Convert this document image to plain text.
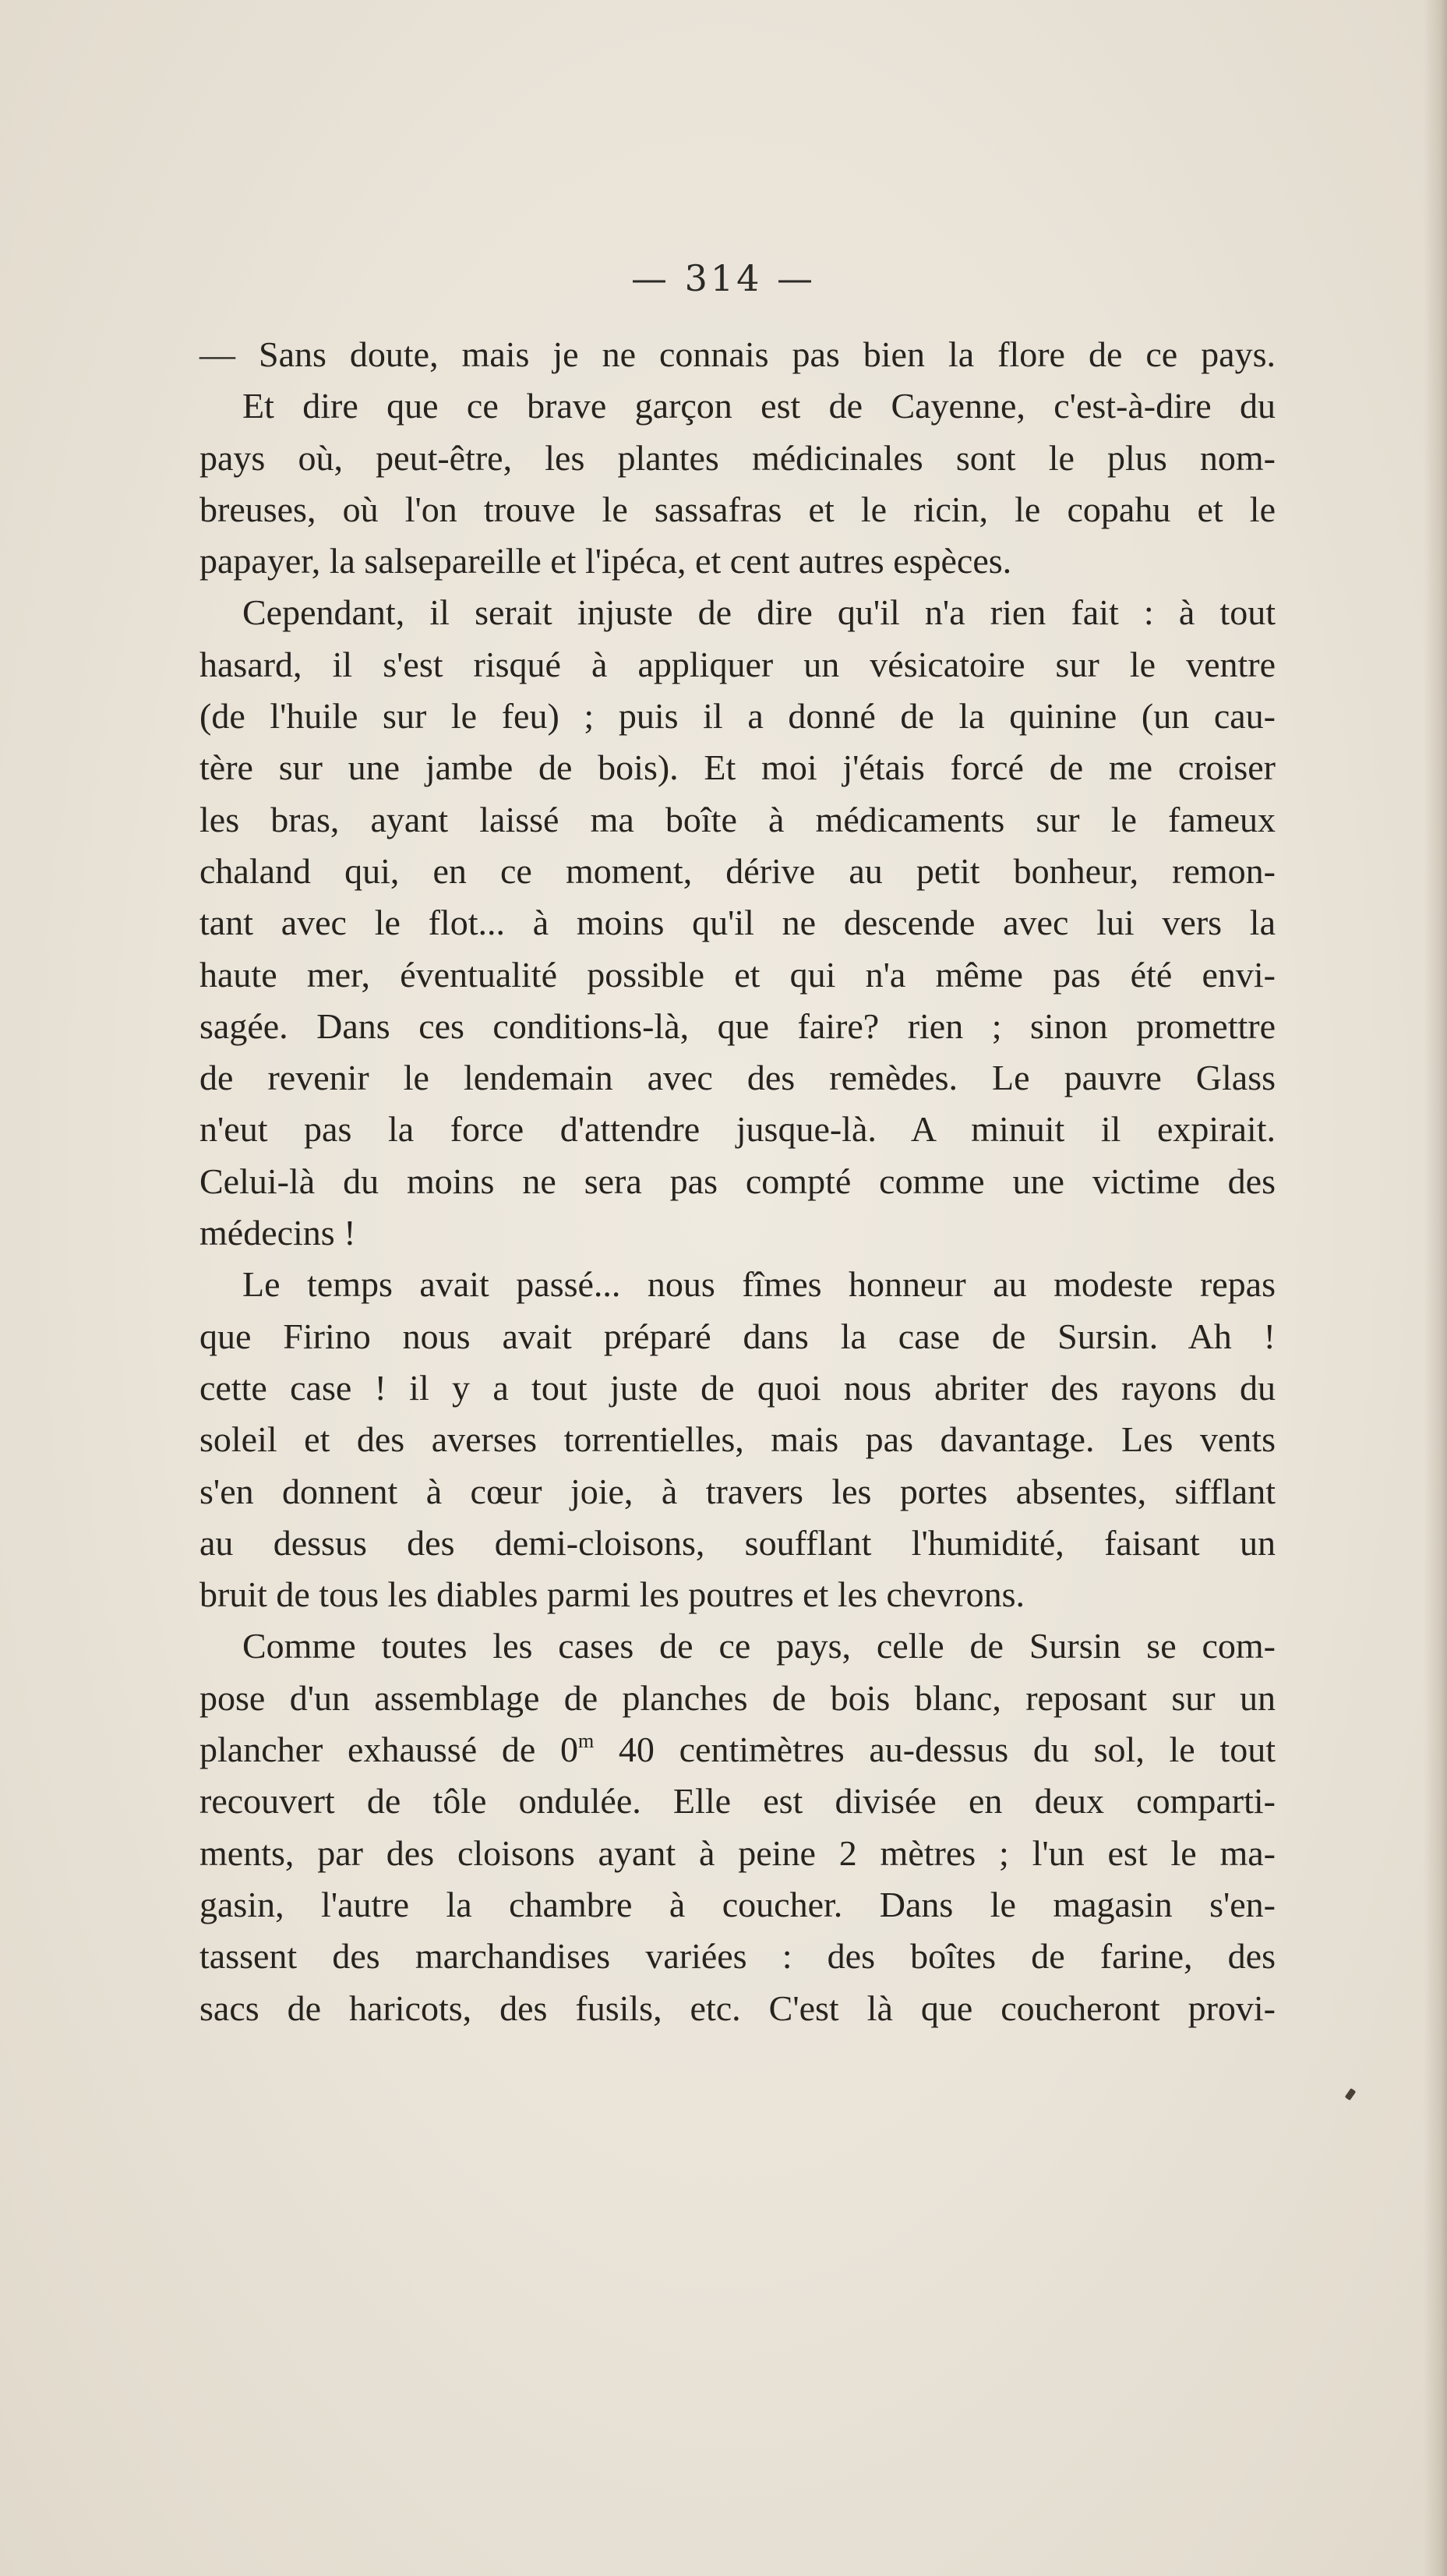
— 314 —
— Sans doute, mais je ne connais pas bien la flore de ce pays.
Et dire que ce brave garçon est de Cayenne, c'est-à-dire du
pays où, peut-être, les plantes médicinales sont le plus nom-
breuses, où l'on trouve le sassafras et le ricin, le copahu et le
papayer, la salsepareille et l'ipéca, et cent autres espèces.
Cependant, il serait injuste de dire qu'il n'a rien fait : à tout
hasard, il s'est risqué à appliquer un vésicatoire sur le ventre
(de l'huile sur le feu) ; puis il a donné de la quinine (un cau-
tère sur une jambe de bois). Et moi j'étais forcé de me croiser
les bras, ayant laissé ma boîte à médicaments sur le fameux
chaland qui, en ce moment, dérive au petit bonheur, remon-
tant avec le flot... à moins qu'il ne descende avec lui vers la
haute mer, éventualité possible et qui n'a même pas été envi-
sagée. Dans ces conditions-là, que faire? rien ; sinon promettre
de revenir le lendemain avec des remèdes. Le pauvre Glass
n'eut pas la force d'attendre jusque-là. A minuit il expirait.
Celui-là du moins ne sera pas compté comme une victime des
médecins !
Le temps avait passé... nous fîmes honneur au modeste repas
que Firino nous avait préparé dans la case de Sursin. Ah !
cette case ! il y a tout juste de quoi nous abriter des rayons du
soleil et des averses torrentielles, mais pas davantage. Les vents
s'en donnent à cœur joie, à travers les portes absentes, sifflant
au dessus des demi-cloisons, soufflant l'humidité, faisant un
bruit de tous les diables parmi les poutres et les chevrons.
Comme toutes les cases de ce pays, celle de Sursin se com-
pose d'un assemblage de planches de bois blanc, reposant sur un
plancher exhaussé de 0$^m$ 40 centimètres au-dessus du sol, le tout
recouvert de tôle ondulée. Elle est divisée en deux comparti-
ments, par des cloisons ayant à peine 2 mètres ; l'un est le ma-
gasin, l'autre la chambre à coucher. Dans le magasin s'en-
tassent des marchandises variées : des boîtes de farine, des
sacs de haricots, des fusils, etc. C'est là que coucheront provi-
